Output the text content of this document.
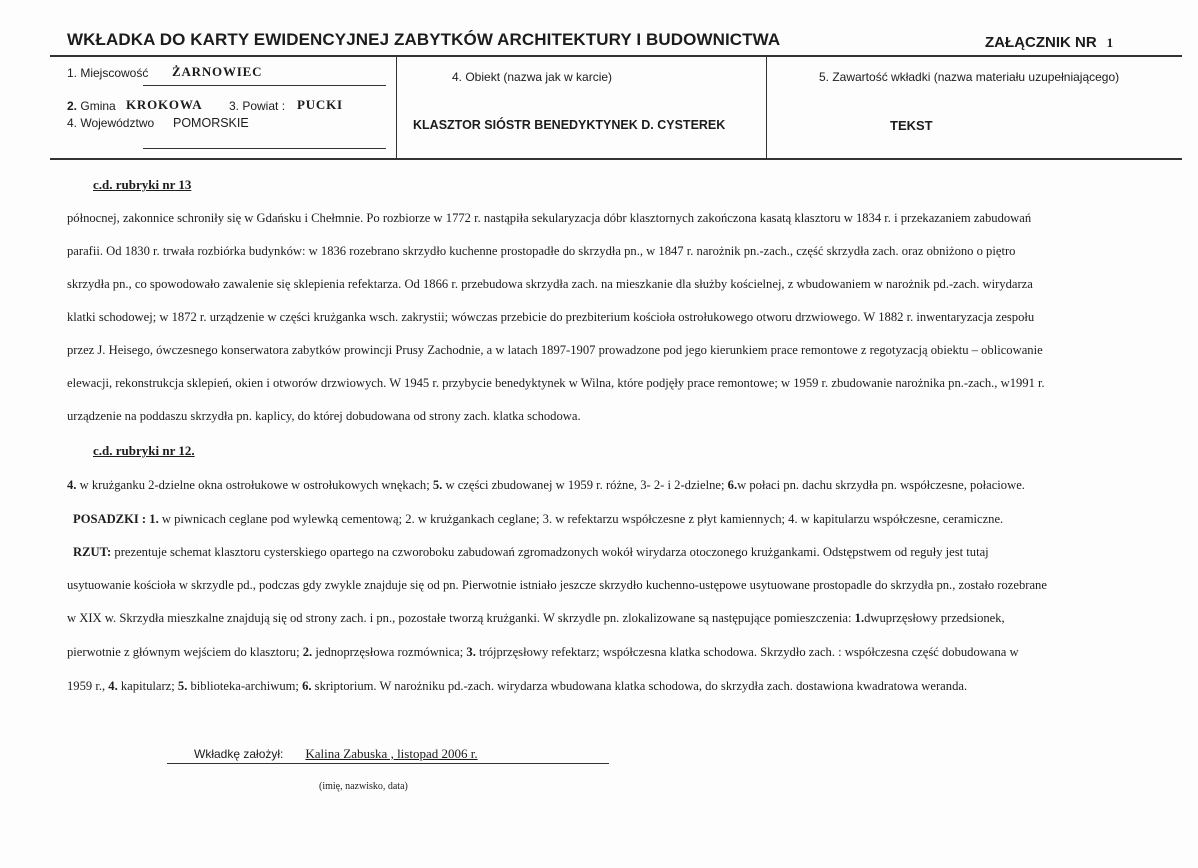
WKŁADKA DO KARTY EWIDENCYJNEJ ZABYTKÓW ARCHITEKTURY I BUDOWNICTWA	ZAŁĄCZNIK NR 1
1. Miejscowość ŻARNOWIEC
2. Gmina KROKOWA 3. Powiat : PUCKI
4. Województwo POMORSKIE
4. Obiekt (nazwa jak w karcie)
KLASZTOR SIÓSTR BENEDYKTYNEK D. CYSTEREK
5. Zawartość wkładki (nazwa materiału uzupełniającego)
TEKST
c.d. rubryki nr 13
północnej, zakonnice schroniły się w Gdańsku i Chełmnie. Po rozbiorze w 1772 r. nastąpiła sekularyzacja dóbr klasztornych zakończona kasatą klasztoru w 1834 r. i przekazaniem zabudowań
parafii. Od 1830 r. trwała rozbiórka budynków: w 1836 rozebrano skrzydło kuchenne prostopadłe do skrzydła pn., w 1847 r. narożnik pn.-zach., część skrzydła zach. oraz obniżono o piętro
skrzydła pn., co spowodowało zawalenie się sklepienia refektarza. Od 1866 r. przebudowa skrzydła zach. na mieszkanie dla służby kościelnej, z wbudowaniem w narożnik pd.-zach. wirydarza
klatki schodowej; w 1872 r. urządzenie w części krużganka wsch. zakrystii; wówczas przebicie do prezbiterium kościoła ostrołukowego otworu drzwiowego. W 1882 r. inwentaryzacja zespołu
przez J. Heisego, ówczesnego konserwatora zabytków prowincji Prusy Zachodnie, a w latach 1897-1907 prowadzone pod jego kierunkiem prace remontowe z regotyzacją obiektu – oblicowanie
elewacji, rekonstrukcja sklepień, okien i otworów drzwiowych. W 1945 r. przybycie benedyktynek w Wilna, które podjęły prace remontowe; w 1959 r. zbudowanie narożnika pn.-zach., w1991 r.
urządzenie na poddaszu skrzydła pn. kaplicy, do której dobudowana od strony zach. klatka schodowa.
c.d. rubryki nr 12.
4. w krużganku 2-dzielne okna ostrołukowe w ostrołukowych wnękach; 5. w części zbudowanej w 1959 r. różne, 3- 2- i 2-dzielne; 6.w połaci pn. dachu skrzydła pn. współczesne, połaciowe.
POSADZKI : 1. w piwnicach ceglane pod wylewką cementową; 2. w krużgankach ceglane; 3. w refektarzu współczesne z płyt kamiennych; 4. w kapitularzu współczesne, ceramiczne.
RZUT: prezentuje schemat klasztoru cysterskiego opartego na czworoboku zabudowań zgromadzonych wokół wirydarza otoczonego krużgankami. Odstępstwem od reguły jest tutaj
usytuowanie kościoła w skrzydle pd., podczas gdy zwykle znajduje się od pn. Pierwotnie istniało jeszcze skrzydło kuchenno-ustępowe usytuowane prostopadle do skrzydła pn., zostało rozebrane
w XIX w. Skrzydła mieszkalne znajdują się od strony zach. i pn., pozostałe tworzą krużganki. W skrzydle pn. zlokalizowane są następujące pomieszczenia: 1.dwuprzęsłowy przedsionek,
pierwotnie z głównym wejściem do klasztoru; 2. jednoprzęsłowa rozmównica; 3. trójprzęsłowy refektarz; współczesna klatka schodowa. Skrzydło zach. : współczesna część dobudowana w
1959 r., 4. kapitularz; 5. biblioteka-archiwum; 6. skriptorium. W narożniku pd.-zach. wirydarza wbudowana klatka schodowa, do skrzydła zach. dostawiona kwadratowa weranda.
Wkładkę założył: Kalina Zabuska , listopad 2006 r.
(imię, nazwisko, data)
